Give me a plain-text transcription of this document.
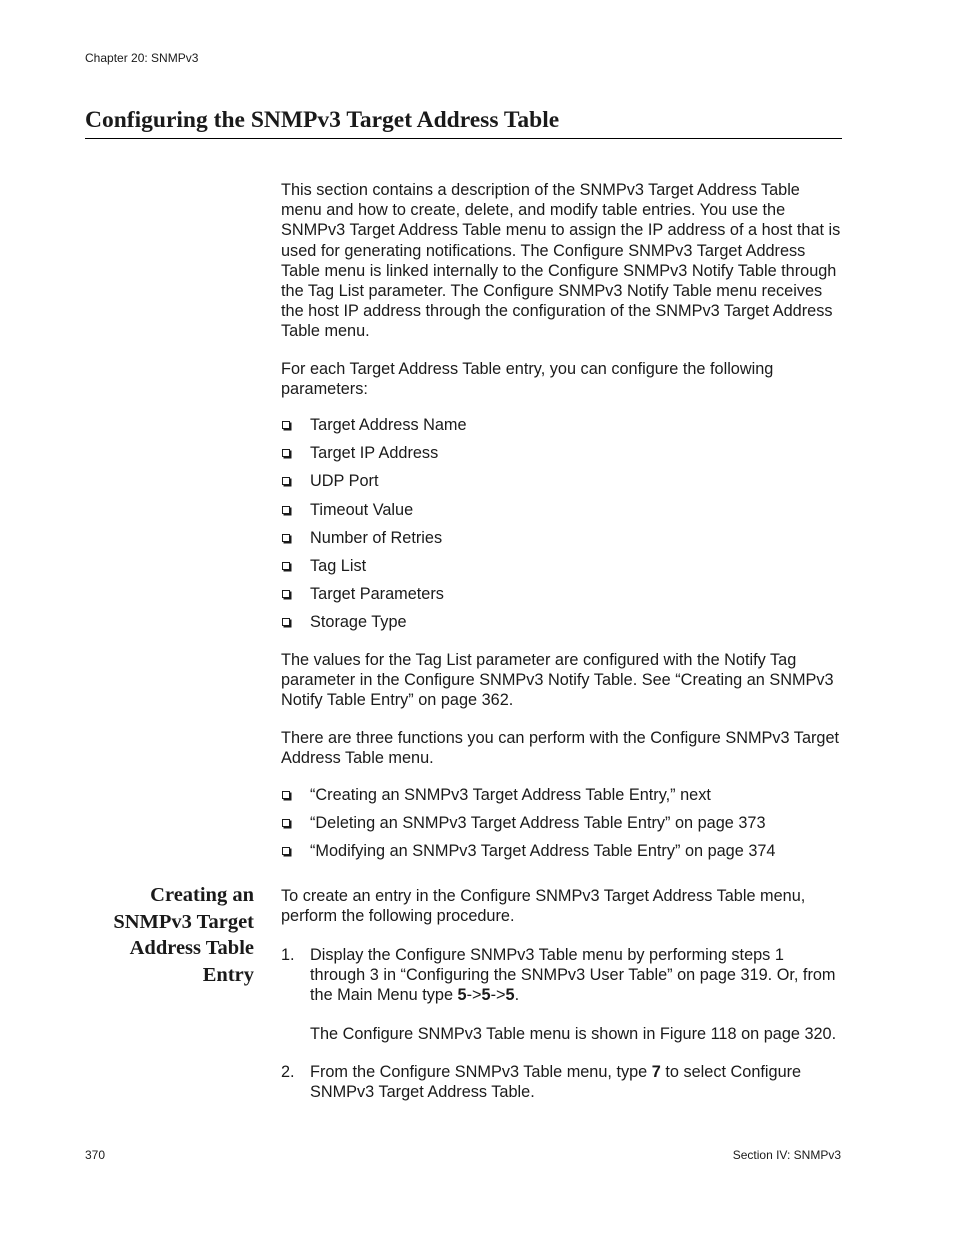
Chapter 20: SNMPv3
Configuring the SNMPv3 Target Address Table

This section contains a description of the SNMPv3 Target Address Table menu and how to create, delete, and modify table entries. You use the SNMPv3 Target Address Table menu to assign the IP address of a host that is used for generating notifications. The Configure SNMPv3 Target Address Table menu is linked internally to the Configure SNMPv3 Notify Table through the Tag List parameter. The Configure SNMPv3 Notify Table menu receives the host IP address through the configuration of the SNMPv3 Target Address Table menu.

For each Target Address Table entry, you can configure the following parameters:

Target Address Name
Target IP Address
UDP Port
Timeout Value
Number of Retries
Tag List
Target Parameters
Storage Type

The values for the Tag List parameter are configured with the Notify Tag parameter in the Configure SNMPv3 Notify Table. See “Creating an SNMPv3 Notify Table Entry” on page 362.

There are three functions you can perform with the Configure SNMPv3 Target Address Table menu.

“Creating an SNMPv3 Target Address Table Entry,” next
“Deleting an SNMPv3 Target Address Table Entry” on page 373
“Modifying an SNMPv3 Target Address Table Entry” on page 374
Creating an
SNMPv3 Target
Address Table
Entry

To create an entry in the Configure SNMPv3 Target Address Table menu, perform the following procedure.

1. Display the Configure SNMPv3 Table menu by performing steps 1 through 3 in “Configuring the SNMPv3 User Table” on page 319. Or, from the Main Menu type 5->5->5.

The Configure SNMPv3 Table menu is shown in Figure 118 on page 320.

2. From the Configure SNMPv3 Table menu, type 7 to select Configure SNMPv3 Target Address Table.

370	Section IV: SNMPv3
